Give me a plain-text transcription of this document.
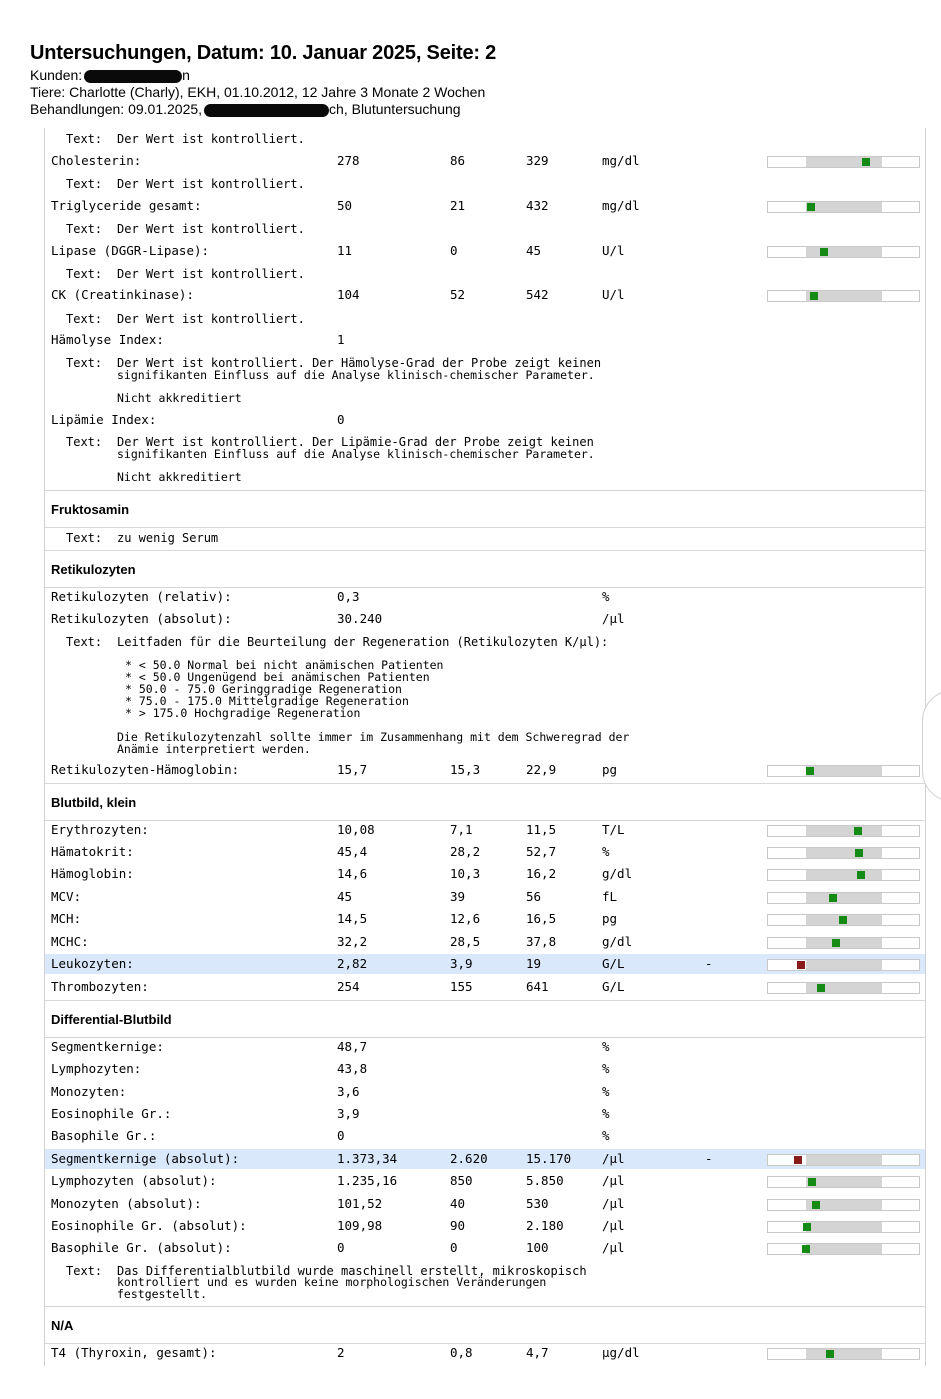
Untersuchungen, Datum: 10. Januar 2025, Seite: 2
Kunden:	n
Tiere: Charlotte (Charly), EKH, 01.10.2012, 12 Jahre 3 Monate 2 Wochen
Behandlungen: 09.01.2025,	ch, Blutuntersuchung
Text: Der Wert ist kontrolliert.
Cholesterin:	278	86	329	mg/dl
Text: Der Wert ist kontrolliert.
Triglyceride gesamt:	50	21	432	mg/dl
Text: Der Wert ist kontrolliert.
Lipase (DGGR-Lipase):	11	0	45	U/l
Text: Der Wert ist kontrolliert.
CK (Creatinkinase):	104	52	542	U/l
Text: Der Wert ist kontrolliert.
Hämolyse Index:	1
Text: Der Wert ist kontrolliert. Der Hämolyse-Grad der Probe zeigt keinen
signifikanten Einfluss auf die Analyse klinisch-chemischer Parameter.
Nicht akkreditiert
Lipämie Index:	0
Text: Der Wert ist kontrolliert. Der Lipämie-Grad der Probe zeigt keinen
signifikanten Einfluss auf die Analyse klinisch-chemischer Parameter.
Nicht akkreditiert
Fruktosamin
Text: zu wenig Serum
Retikulozyten
Retikulozyten (relativ):	0,3	%
Retikulozyten (absolut):	30.240	/µl
Text: Leitfaden für die Beurteilung der Regeneration (Retikulozyten K/µl):
* < 50.0 Normal bei nicht anämischen Patienten
* < 50.0 Ungenügend bei anämischen Patienten
* 50.0 - 75.0 Geringgradige Regeneration
* 75.0 - 175.0 Mittelgradige Regeneration
* > 175.0 Hochgradige Regeneration
Die Retikulozytenzahl sollte immer im Zusammenhang mit dem Schweregrad der
Anämie interpretiert werden.
Retikulozyten-Hämoglobin:	15,7	15,3	22,9	pg
Blutbild, klein
Erythrozyten:	10,08	7,1	11,5	T/L
Hämatokrit:	45,4	28,2	52,7	%
Hämoglobin:	14,6	10,3	16,2	g/dl
MCV:	45	39	56	fL
MCH:	14,5	12,6	16,5	pg
MCHC:	32,2	28,5	37,8	g/dl
Leukozyten:	2,82	3,9	19	G/L	-
Thrombozyten:	254	155	641	G/L
Differential-Blutbild
Segmentkernige:	48,7	%
Lymphozyten:	43,8	%
Monozyten:	3,6	%
Eosinophile Gr.:	3,9	%
Basophile Gr.:	0	%
Segmentkernige (absolut):	1.373,34	2.620	15.170 /µl	-
Lymphozyten (absolut):	1.235,16	850	5.850	/µl
Monozyten (absolut):	101,52	40	530	/µl
Eosinophile Gr. (absolut):	109,98	90	2.180	/µl
Basophile Gr. (absolut):	0	0	100	/µl
Text: Das Differentialblutbild wurde maschinell erstellt, mikroskopisch
kontrolliert und es wurden keine morphologischen Veränderungen
festgestellt.
N/A
T4 (Thyroxin, gesamt):	2	0,8	4,7	µg/dl
